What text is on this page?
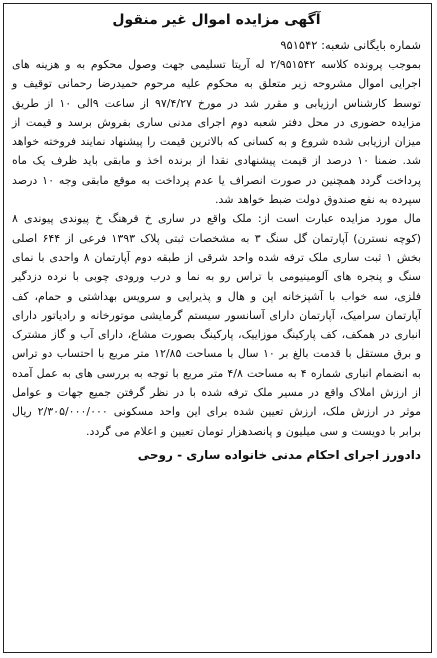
آگهی مزایده اموال غیر منقول
شماره بایگانی شعبه: ۹۵۱۵۴۲

بموجب پرونده کلاسه ۲/۹۵۱۵۴۲ له آریتا تسلیمی جهت وصول محکوم به و هزینه های اجرایی اموال مشروحه زیر متعلق به محکوم علیه مرحوم حمیدرضا رحمانی توقیف و توسط کارشناس ارزیابی و مقرر شد در مورخ ۹۷/۴/۲۷ از ساعت ۹الی ۱۰ از طریق مزایده حضوری در محل دفتر شعبه دوم اجرای مدنی ساری بفروش برسد و قیمت از میزان ارزیابی شده شروع و به کسانی که بالاترین قیمت را پیشنهاد نمایند فروخته خواهد شد. ضمنا ۱۰ درصد از قیمت پیشنهادی نقدا از برنده اخذ و مابقی باید ظرف یک ماه پرداخت گردد همچنین در صورت انصراف یا عدم پرداخت به موقع مابقی وجه ۱۰ درصد سپرده به نفع صندوق دولت ضبط خواهد شد.

مال مورد مزایده عبارت است از: ملک واقع در ساری خ فرهنگ خ پیوندی پیوندی ۸ (کوچه نسترن) آپارتمان گل سنگ ۳ به مشخصات ثبتی پلاک ۱۳۹۳ فرعی از ۶۴۴ اصلی بخش ۱ ثبت ساری ملک ترفه شده واحد شرقی از طبقه دوم آپارتمان ۸ واحدی با نمای سنگ و پنجره های آلومینیومی با تراس رو به نما و درب ورودی چوبی با نرده دزدگیر فلزی، سه خواب با آشپزخانه اپن و هال و پذیرایی و سرویس بهداشتی و حمام، کف آپارتمان سرامیک، آپارتمان دارای آسانسور سیستم گرمایشی موتورخانه و رادیاتور دارای انباری در همکف، کف پارکینگ موزاییک، پارکینگ بصورت مشاع، دارای آب و گاز مشترک و برق مستقل با قدمت بالغ بر ۱۰ سال با مساحت ۱۲/۸۵ متر مربع با احتساب دو تراس به انضمام انباری شماره ۴ به مساحت ۴/۸ متر مربع با توجه به بررسی های به عمل آمده از ارزش املاک واقع در مسیر ملک ترفه شده با در نظر گرفتن جمیع جهات و عوامل موثر در ارزش ملک، ارزش تعیین شده برای این واحد مسکونی ۲/۳۰۵/۰۰۰/۰۰۰ ریال برابر با دویست و سی میلیون و پانصدهزار تومان تعیین و اعلام می گردد.

دادورز اجرای احکام مدنی خانواده ساری - روحی
